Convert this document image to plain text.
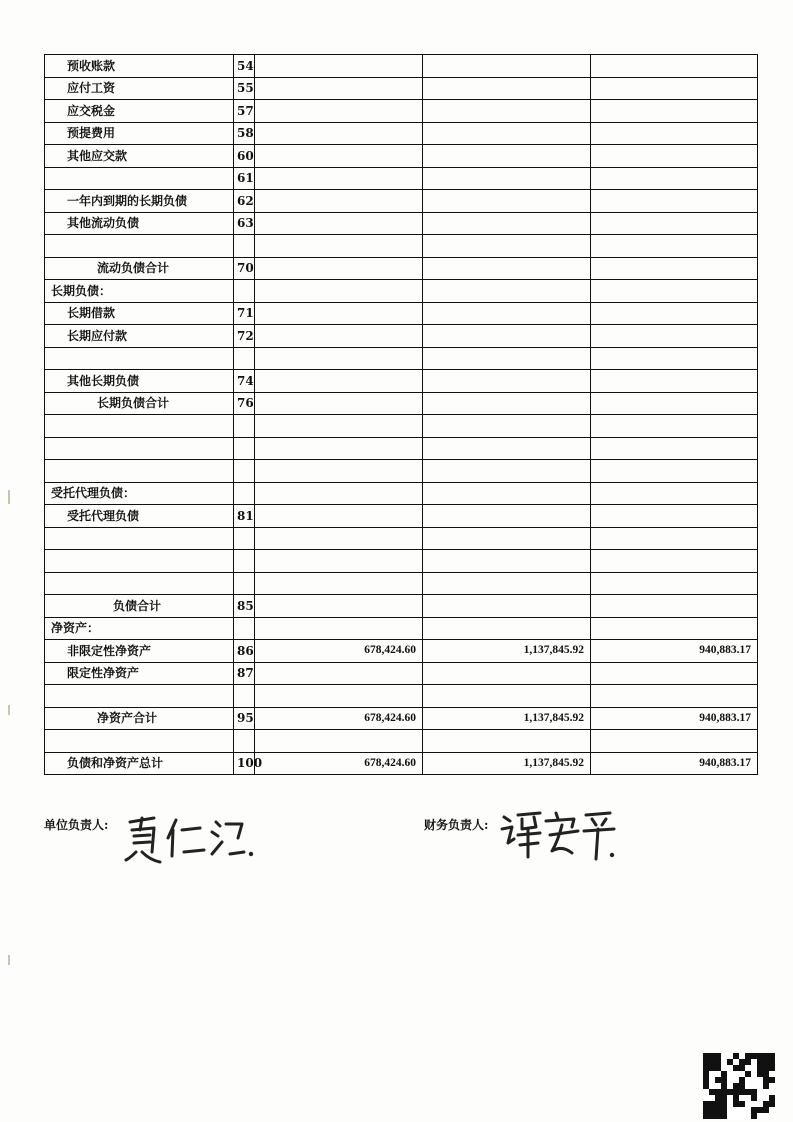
预收账款	54			
应付工资	55			
应交税金	57			
预提费用	58			
其他应交款	60			
	61			
一年内到期的长期负债	62			
其他流动负债	63			

流动负债合计	70			
长期负债：				
长期借款	71			
长期应付款	72			

其他长期负债	74			
长期负债合计	76			

受托代理负债：				
受托代理负债	81			

负债合计	85			
净资产：				
非限定性净资产	86	678,424.60	1,137,845.92	940,883.17
限定性净资产	87			

净资产合计	95	678,424.60	1,137,845.92	940,883.17

负债和净资产总计	100	678,424.60	1,137,845.92	940,883.17
单位负责人:	财务负责人:
